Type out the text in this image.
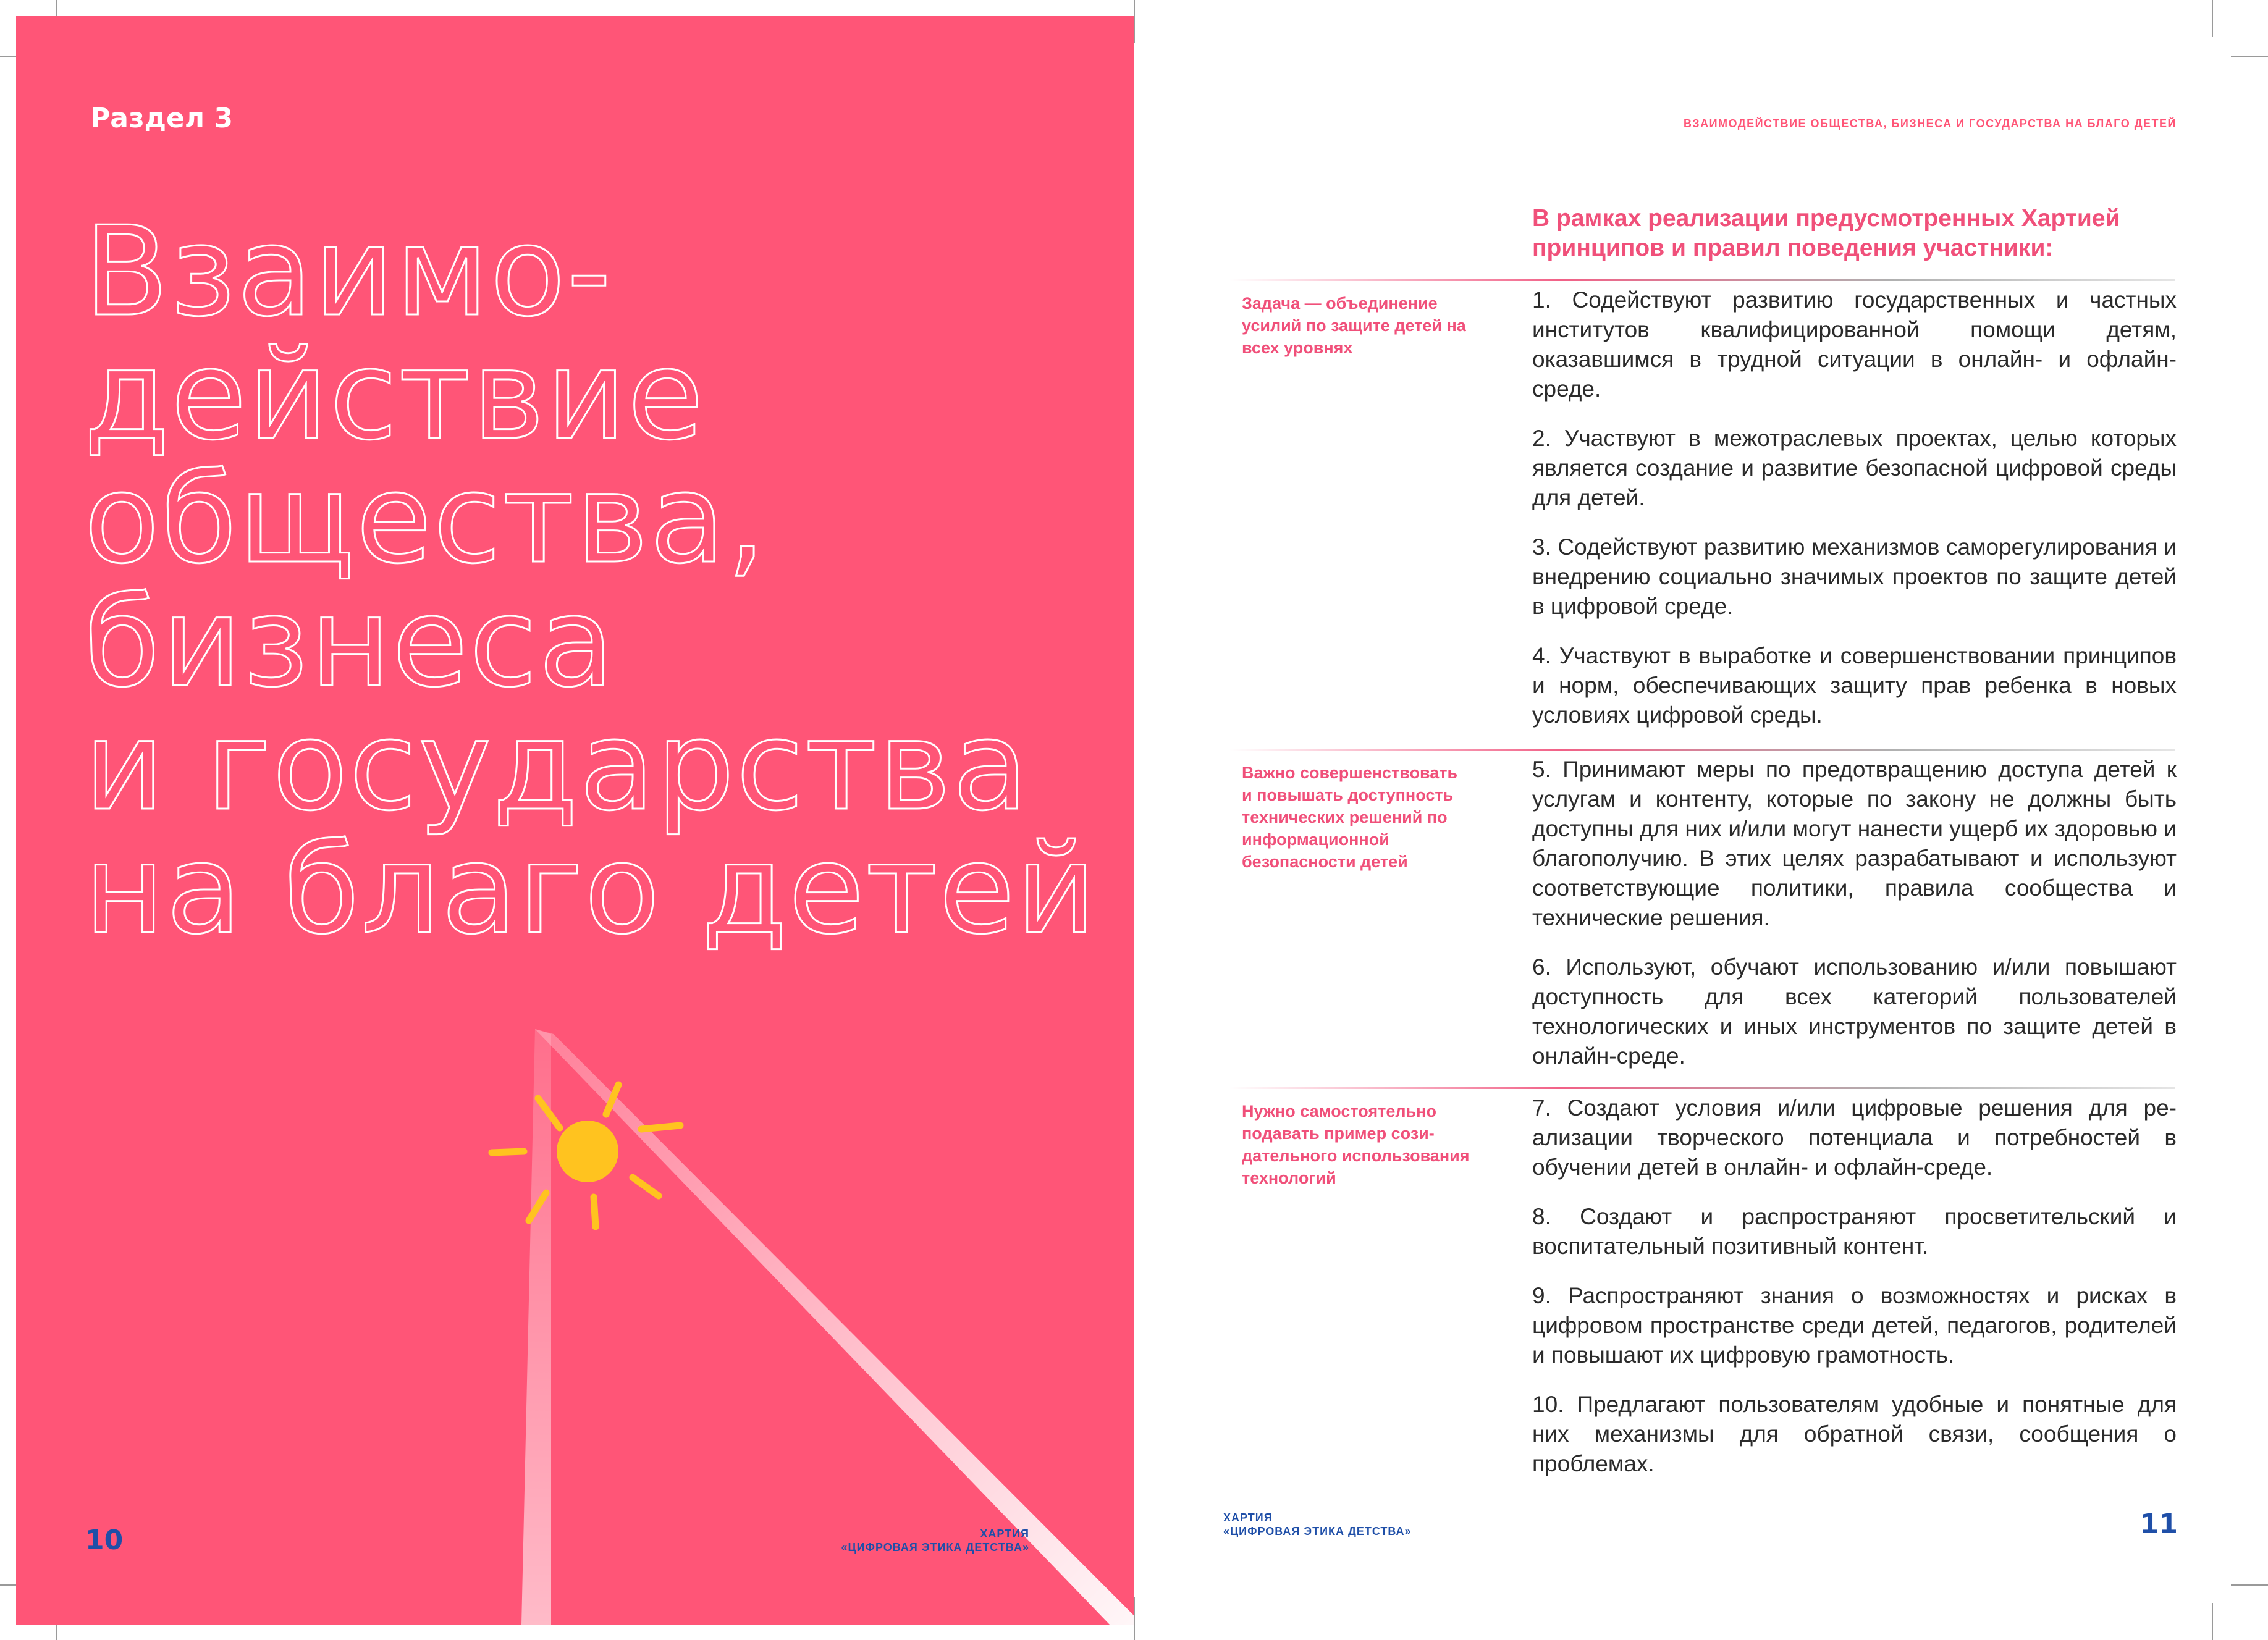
Раздел 3
Взаимо-
действие
общества,
бизнеса
и государства
на благо детей
10	ХАРТИЯ
«ЦИФРОВАЯ ЭТИКА ДЕТСТВА»
ВЗАИМОДЕЙСТВИЕ ОБЩЕСТВА, БИЗНЕСА И ГОСУДАРСТВА НА БЛАГО ДЕТЕЙ
В рамках реализации предусмотренных Хартией принципов и правил поведения участники:
Задача — объединение усилий по защите детей на всех уровнях

1. Содействуют развитию государственных и частных институтов квалифицированной помощи детям, оказавшимся в трудной ситуации в онлайн- и офлайн-среде.

2. Участвуют в межотраслевых проектах, целью которых является создание и развитие безопасной цифровой среды для детей.

3. Содействуют развитию механизмов саморегулирования и внедрению социально значимых проектов по защите детей в цифровой среде.

4. Участвуют в выработке и совершенствовании принципов и норм, обеспечивающих защиту прав ребенка в новых условиях цифровой среды.

Важно совершенствовать и повышать доступность технических решений по информационной безопасности детей

5. Принимают меры по предотвращению доступа детей к услугам и контенту, которые по закону не должны быть доступны для них и/или могут нанести ущерб их здоровью и благополучию. В этих целях разрабатывают и используют соответствующие политики, правила сообщества и технические решения.

6. Используют, обучают использованию и/или повышают доступность для всех категорий пользователей технологических и иных инструментов по защите детей в онлайн-среде.

Нужно самостоятельно подавать пример созидательного использования технологий

7. Создают условия и/или цифровые решения для реализации творческого потенциала и потребностей в обучении детей в онлайн- и офлайн-среде.

8. Создают и распространяют просветительский и воспитательный позитивный контент.

9. Распространяют знания о возможностях и рисках в цифровом пространстве среди детей, педагогов, родителей и повышают их цифровую грамотность.

10. Предлагают пользователям удобные и понятные для них механизмы для обратной связи, сообщения о проблемах.

ХАРТИЯ
«ЦИФРОВАЯ ЭТИКА ДЕТСТВА»	11
